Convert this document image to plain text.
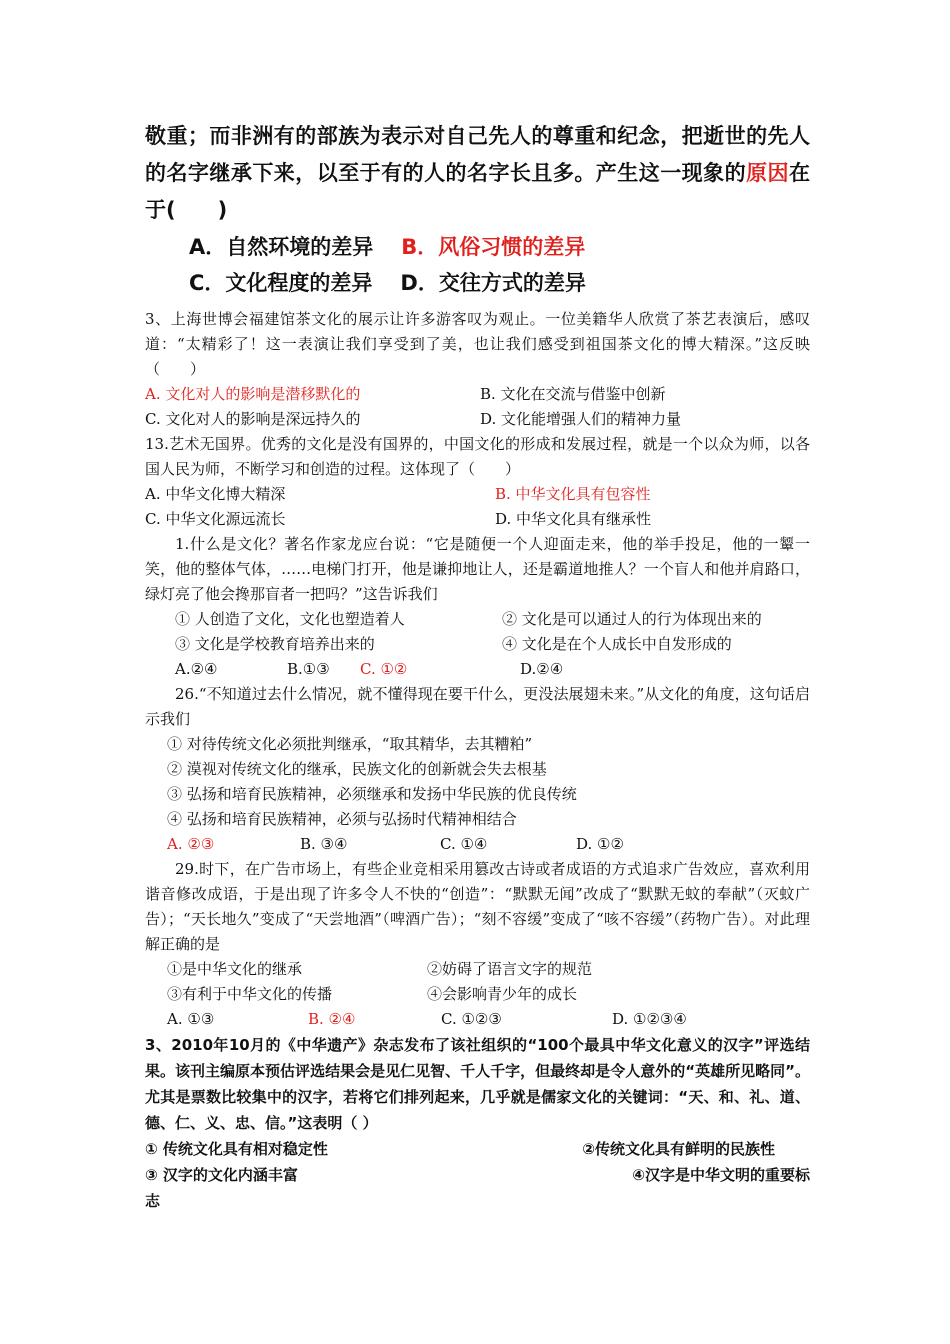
敬重；而非洲有的部族为表示对自己先人的尊重和纪念，把逝世的先人的名字继承下来，以至于有的人的名字长且多。产生这一现象的原因在于(　　)
A．自然环境的差异 B．风俗习惯的差异
C．文化程度的差异 D．交往方式的差异
3、上海世博会福建馆茶文化的展示让许多游客叹为观止。一位美籍华人欣赏了茶艺表演后，感叹道：“太精彩了！这一表演让我们享受到了美，也让我们感受到祖国茶文化的博大精深。”这反映（　　）
A. 文化对人的影响是潜移默化的	B. 文化在交流与借鉴中创新
C. 文化对人的影响是深远持久的	D. 文化能增强人们的精神力量
13.艺术无国界。优秀的文化是没有国界的，中国文化的形成和发展过程，就是一个以众为师，以各国人民为师，不断学习和创造的过程。这体现了（　　）
A. 中华文化博大精深	B. 中华文化具有包容性
C. 中华文化源远流长	D. 中华文化具有继承性
1.什么是文化？著名作家龙应台说：“它是随便一个人迎面走来，他的举手投足，他的一颦一笑，他的整体气体，……电梯门打开，他是谦抑地让人，还是霸道地推人？一个盲人和他并肩路口，绿灯亮了他会搀那盲者一把吗？”这告诉我们
① 人创造了文化，文化也塑造着人	② 文化是可以通过人的行为体现出来的
③ 文化是学校教育培养出来的	④ 文化是在个人成长中自发形成的
A.②④	B.①③	C. ①②	D.②④
26.“不知道过去什么情况，就不懂得现在要干什么，更没法展翅未来。”从文化的角度，这句话启示我们
① 对待传统文化必须批判继承，“取其精华，去其糟粕”
② 漠视对传统文化的继承，民族文化的创新就会失去根基
③ 弘扬和培育民族精神，必须继承和发扬中华民族的优良传统
④ 弘扬和培育民族精神，必须与弘扬时代精神相结合
A. ②③	B. ③④	C. ①④	D. ①②
29.时下，在广告市场上，有些企业竞相采用篡改古诗或者成语的方式追求广告效应，喜欢利用谐音修改成语，于是出现了许多令人不快的“创造”：“默默无闻”改成了“默默无蚊的奉献”（灭蚊广告）；“天长地久”变成了“天尝地酒”（啤酒广告）；“刻不容缓”变成了“咳不容缓”（药物广告）。对此理解正确的是
①是中华文化的继承	②妨碍了语言文字的规范
③有利于中华文化的传播	④会影响青少年的成长
A. ①③	B. ②④	C. ①②③	D. ①②③④
3、2010年10月的《中华遗产》杂志发布了该社组织的“100个最具中华文化意义的汉字”评选结果。该刊主编原本预估评选结果会是见仁见智、千人千字，但最终却是令人意外的“英雄所见略同”。尤其是票数比较集中的汉字，若将它们排列起来，几乎就是儒家文化的关键词：“天、和、礼、道、德、仁、义、忠、信。”这表明（ ）
① 传统文化具有相对稳定性	②传统文化具有鲜明的民族性
③ 汉字的文化内涵丰富	④汉字是中华文明的重要标
志
